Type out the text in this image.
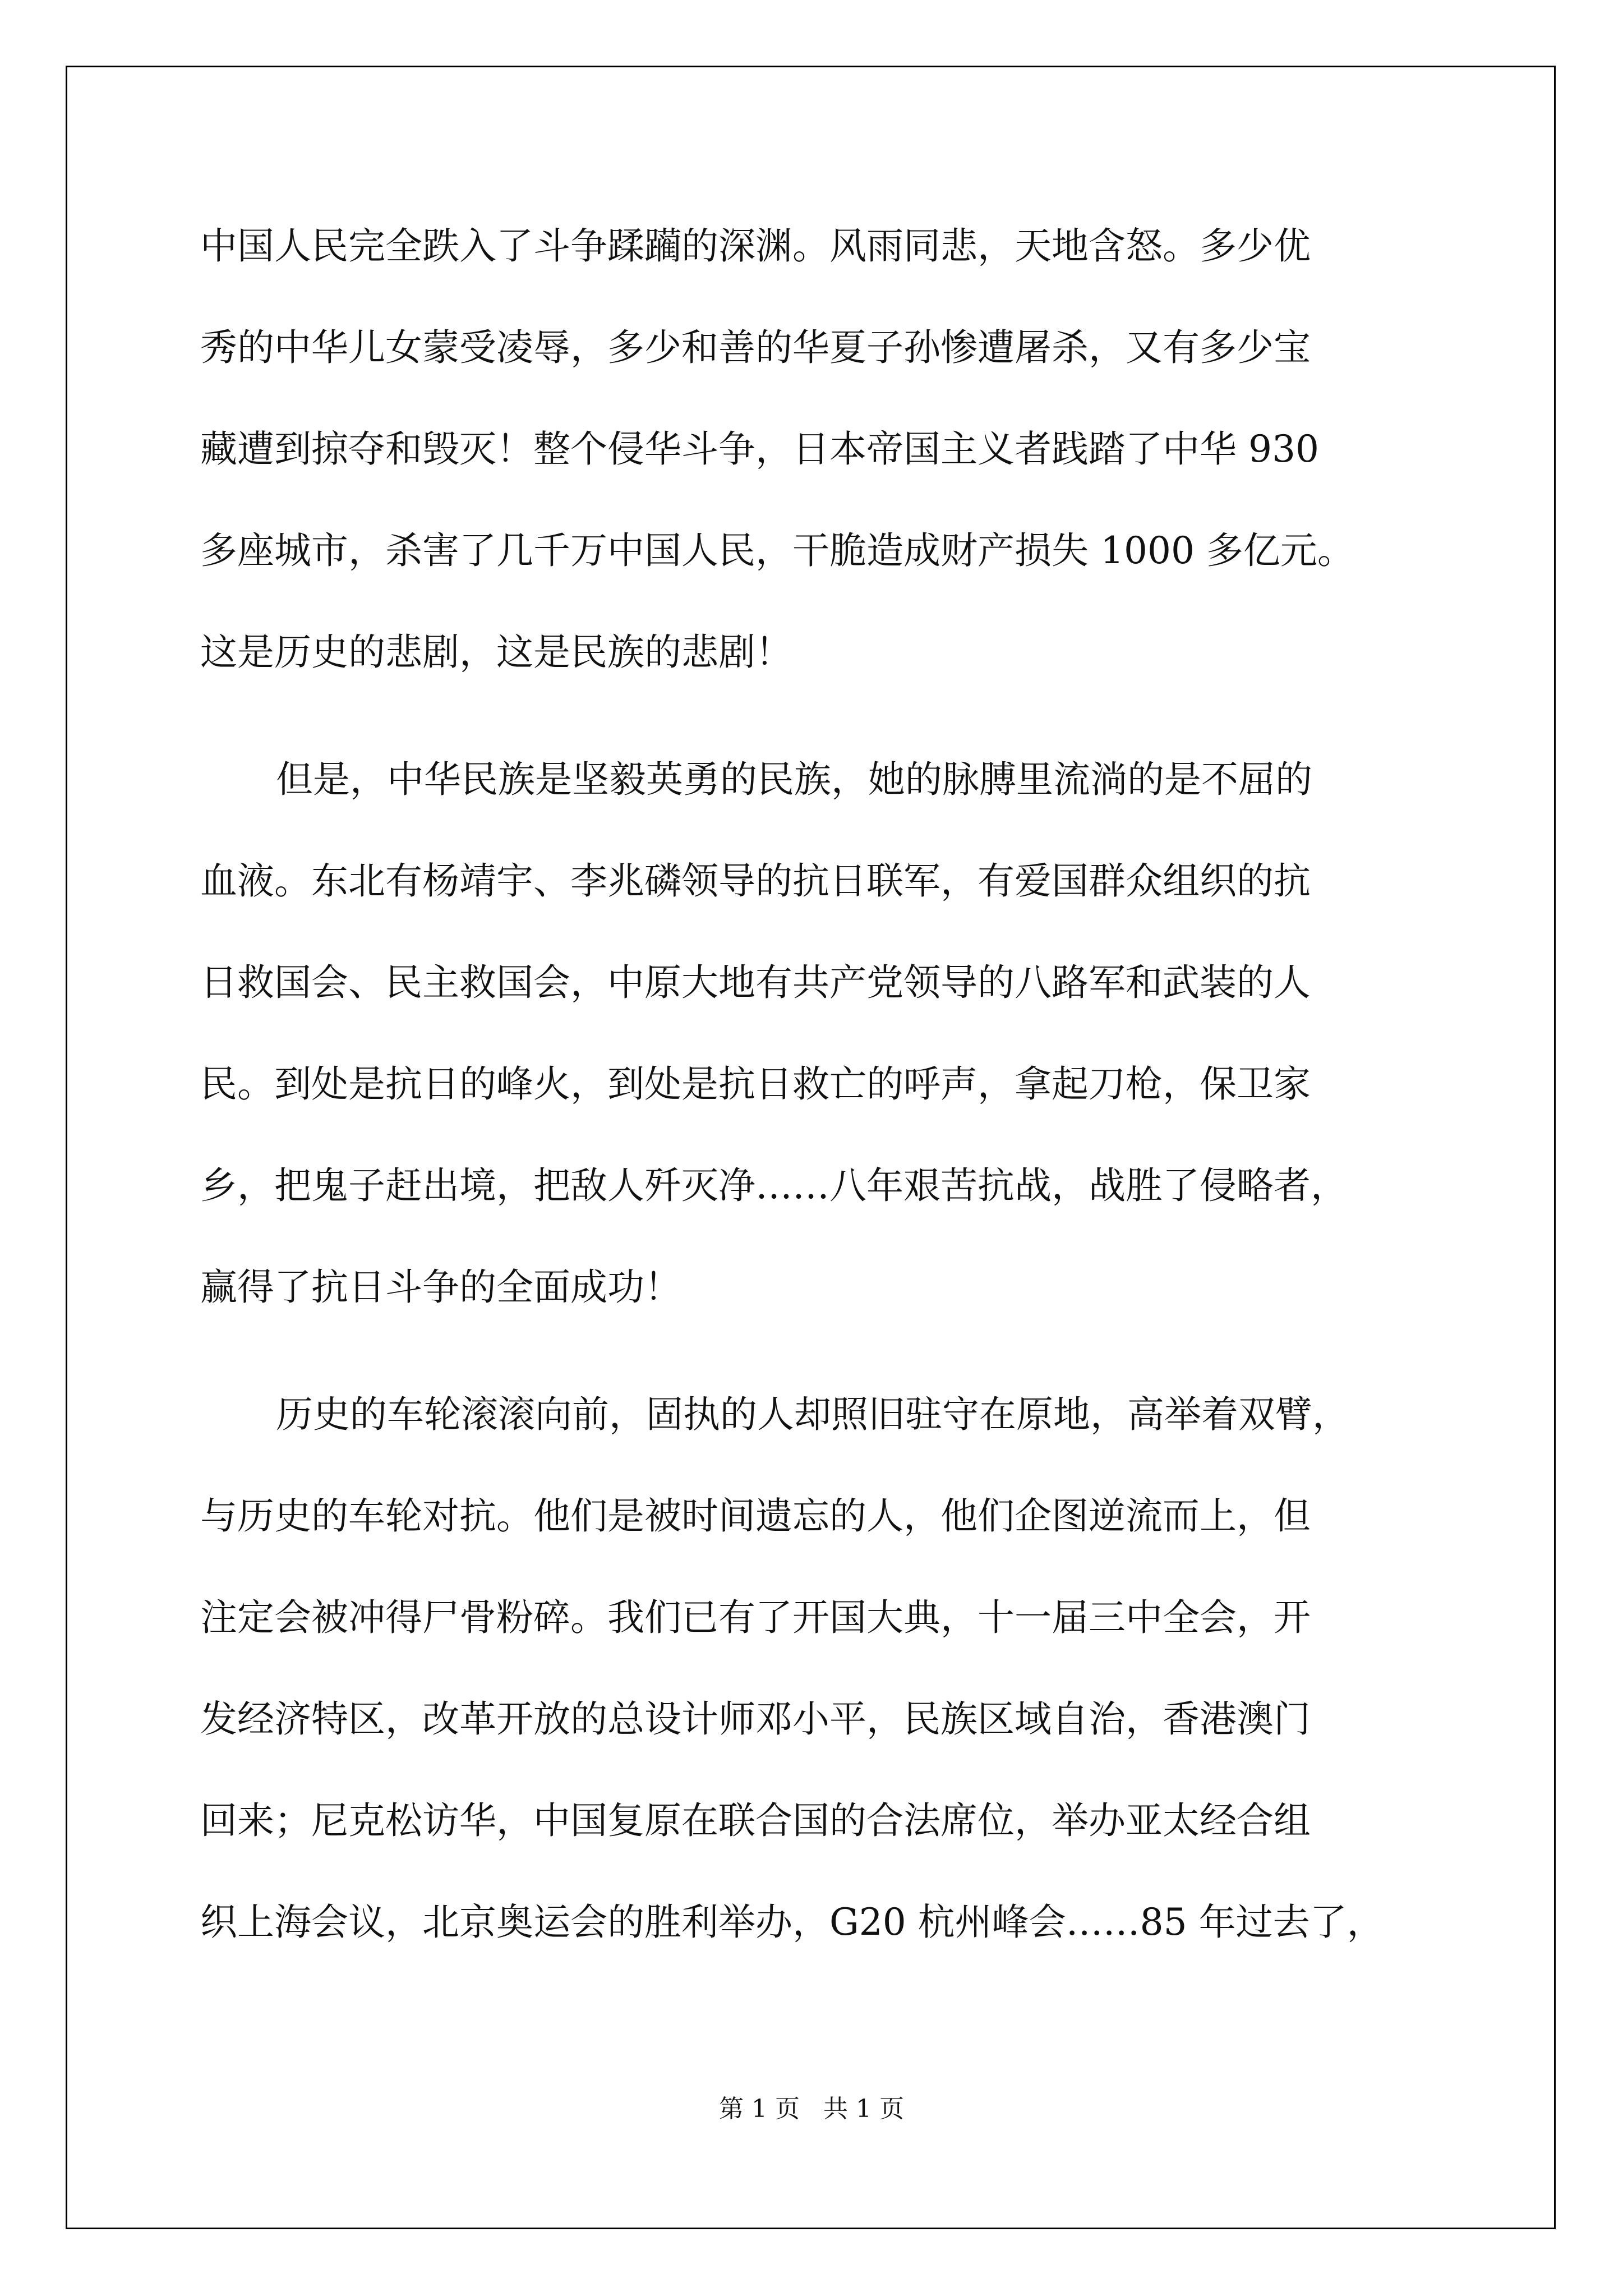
中国人民完全跌入了斗争蹂躏的深渊。风雨同悲，天地含怒。多少优
秀的中华儿女蒙受凌辱，多少和善的华夏子孙惨遭屠杀，又有多少宝
藏遭到掠夺和毁灭！整个侵华斗争，日本帝国主义者践踏了中华 930
多座城市，杀害了几千万中国人民，干脆造成财产损失 1000 多亿元。
这是历史的悲剧，这是民族的悲剧！
但是，中华民族是坚毅英勇的民族，她的脉膊里流淌的是不屈的
血液。东北有杨靖宇、李兆磷领导的抗日联军，有爱国群众组织的抗
日救国会、民主救国会，中原大地有共产党领导的八路军和武装的人
民。到处是抗日的峰火，到处是抗日救亡的呼声，拿起刀枪，保卫家
乡，把鬼子赶出境，把敌人歼灭净……八年艰苦抗战，战胜了侵略者，
赢得了抗日斗争的全面成功！
历史的车轮滚滚向前，固执的人却照旧驻守在原地，高举着双臂，
与历史的车轮对抗。他们是被时间遗忘的人，他们企图逆流而上，但
注定会被冲得尸骨粉碎。我们已有了开国大典，十一届三中全会，开
发经济特区，改革开放的总设计师邓小平，民族区域自治，香港澳门
回来；尼克松访华，中国复原在联合国的合法席位，举办亚太经合组
织上海会议，北京奥运会的胜利举办，G20 杭州峰会……85 年过去了，
第 1 页   共 1 页
